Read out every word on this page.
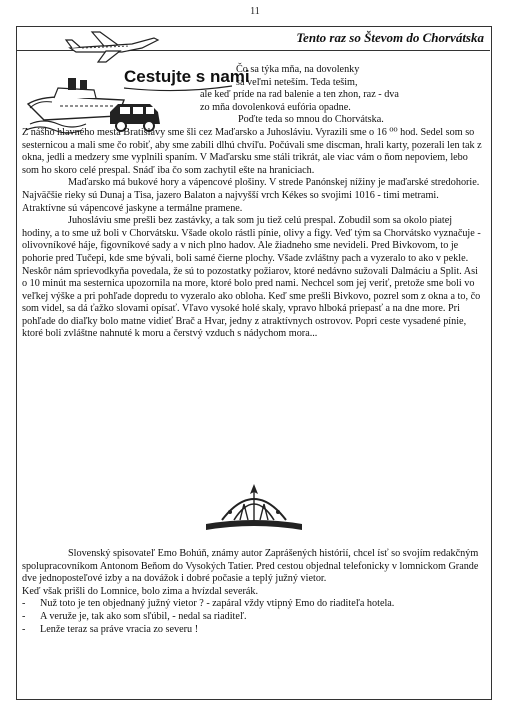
11
Tento raz so Števom do Chorvátska
Cestujte s nami
Čo sa týka mňa, na dovolenky
sa veľmi neteším. Teda tešim,
ale keď príde na rad balenie a ten zhon, raz - dva
zo mňa dovolenková eufória opadne.
Poďte teda so mnou do Chorvátska.
Z nášho hlavného mesta Bratislavy sme šli cez Maďarsko a Juhosláviu. Vyrazili sme o 16 ⁰⁰ hod. Sedel som so sesternicou a mali sme čo robiť, aby sme zabili dlhú chvíľu. Počúvali sme discman, hrali karty, pozerali len tak z okna, jedli a medzery sme vyplnili spaním. V Maďarsku sme stáli trikrát, ale viac vám o ňom nepoviem, lebo som ho skoro celé prespal. Snáď iba čo som zachytil ešte na hraniciach.
Maďarsko má bukové hory a vápencové plošiny. V strede Panónskej nížiny je maďarské stredohorie. Najväčšie rieky sú Dunaj a Tisa, jazero Balaton a najvyšší vrch Kékes so svojimi 1016 - timi metrami. Atraktívne sú vápencové jaskyne a termálne pramene.
Juhosláviu sme prešli bez zastávky, a tak som ju tiež celú prespal. Zobudil som sa okolo piatej hodiny, a to sme už boli v Chorvátsku. Všade okolo rástli pínie, olivy a figy. Veď tým sa Chorvátsko vyznačuje - olivovníkové háje, figovníkové sady a v nich plno hadov. Ale žiadneho sme nevideli. Pred Bivkovom, to je pohorie pred Tučepi, kde sme bývali, boli samé čierne plochy. Všade zvláštny pach a vyzeralo to ako v pekle. Neskôr nám sprievodkyňa povedala, že sú to pozostatky požiarov, ktoré nedávno sužovali Dalmáciu a Split. Asi o 10 minút ma sesternica upozornila na more, ktoré bolo pred nami. Nechcel som jej veriť, pretože sme boli vo veľkej výške a pri pohľade dopredu to vyzeralo ako obloha. Keď sme prešli Bivkovo, pozrel som z okna a to, čo som videl, sa dá ťažko slovami opísať. Vľavo vysoké holé skaly, vpravo hlboká priepasť a na dne more. Pri pohľade do diaľky bolo matne vidieť Brač a Hvar, jedny z atraktívnych ostrovov. Popri ceste vysadené pínie, ktoré boli zvláštne nahnuté k moru a čerstvý vzduch s nádychom mora...
Slovenský spisovateľ Emo Bohúň, známy autor Zaprášených histórií, chcel ísť so svojím redakčným spolupracovníkom Antonom Beňom do Vysokých Tatier. Pred cestou objednal telefonicky v lomnickom Grande dve jednoposteľové izby a na dovážok i dobré počasie a teplý južný vietor.
Keď však prišli do Lomnice, bolo zima a hvízdal severák.
-	Nuž toto je ten objednaný južný vietor ? - zapáral vždy vtipný Emo do riaditeľa hotela.
-	A veruže je, tak ako som sľúbil, - nedal sa riaditeľ.
-	Lenže teraz sa práve vracia zo severu !
